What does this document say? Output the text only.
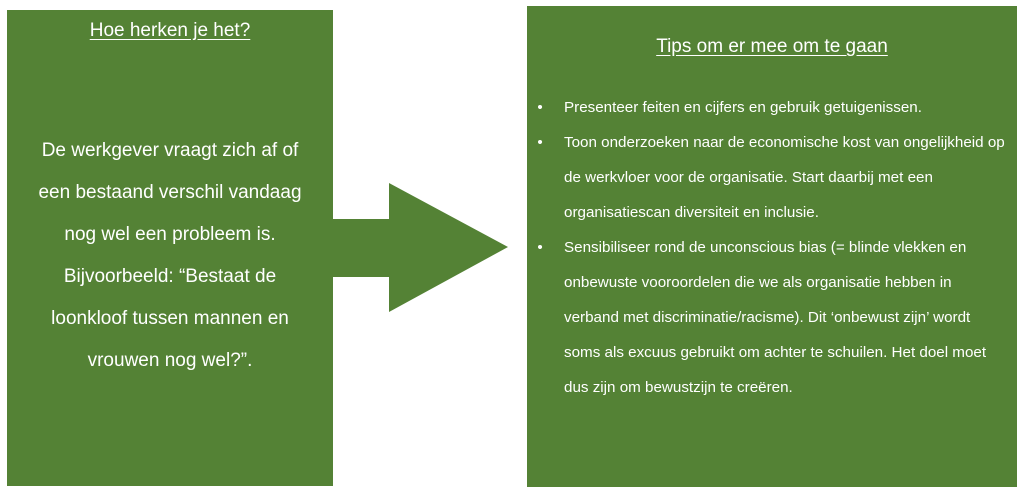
Hoe herken je het?

De werkgever vraagt zich af of
een bestaand verschil vandaag
nog wel een probleem is.
Bijvoorbeeld: “Bestaat de
loonkloof tussen mannen en
vrouwen nog wel?”.

Tips om er mee om te gaan
• Presenteer feiten en cijfers en gebruik getuigenissen.
• Toon onderzoeken naar de economische kost van ongelijkheid op de werkvloer voor de organisatie. Start daarbij met een organisatiescan diversiteit en inclusie.
• Sensibiliseer rond de unconscious bias (= blinde vlekken en onbewuste vooroordelen die we als organisatie hebben in verband met discriminatie/racisme). Dit ‘onbewust zijn’ wordt soms als excuus gebruikt om achter te schuilen. Het doel moet dus zijn om bewustzijn te creëren.
